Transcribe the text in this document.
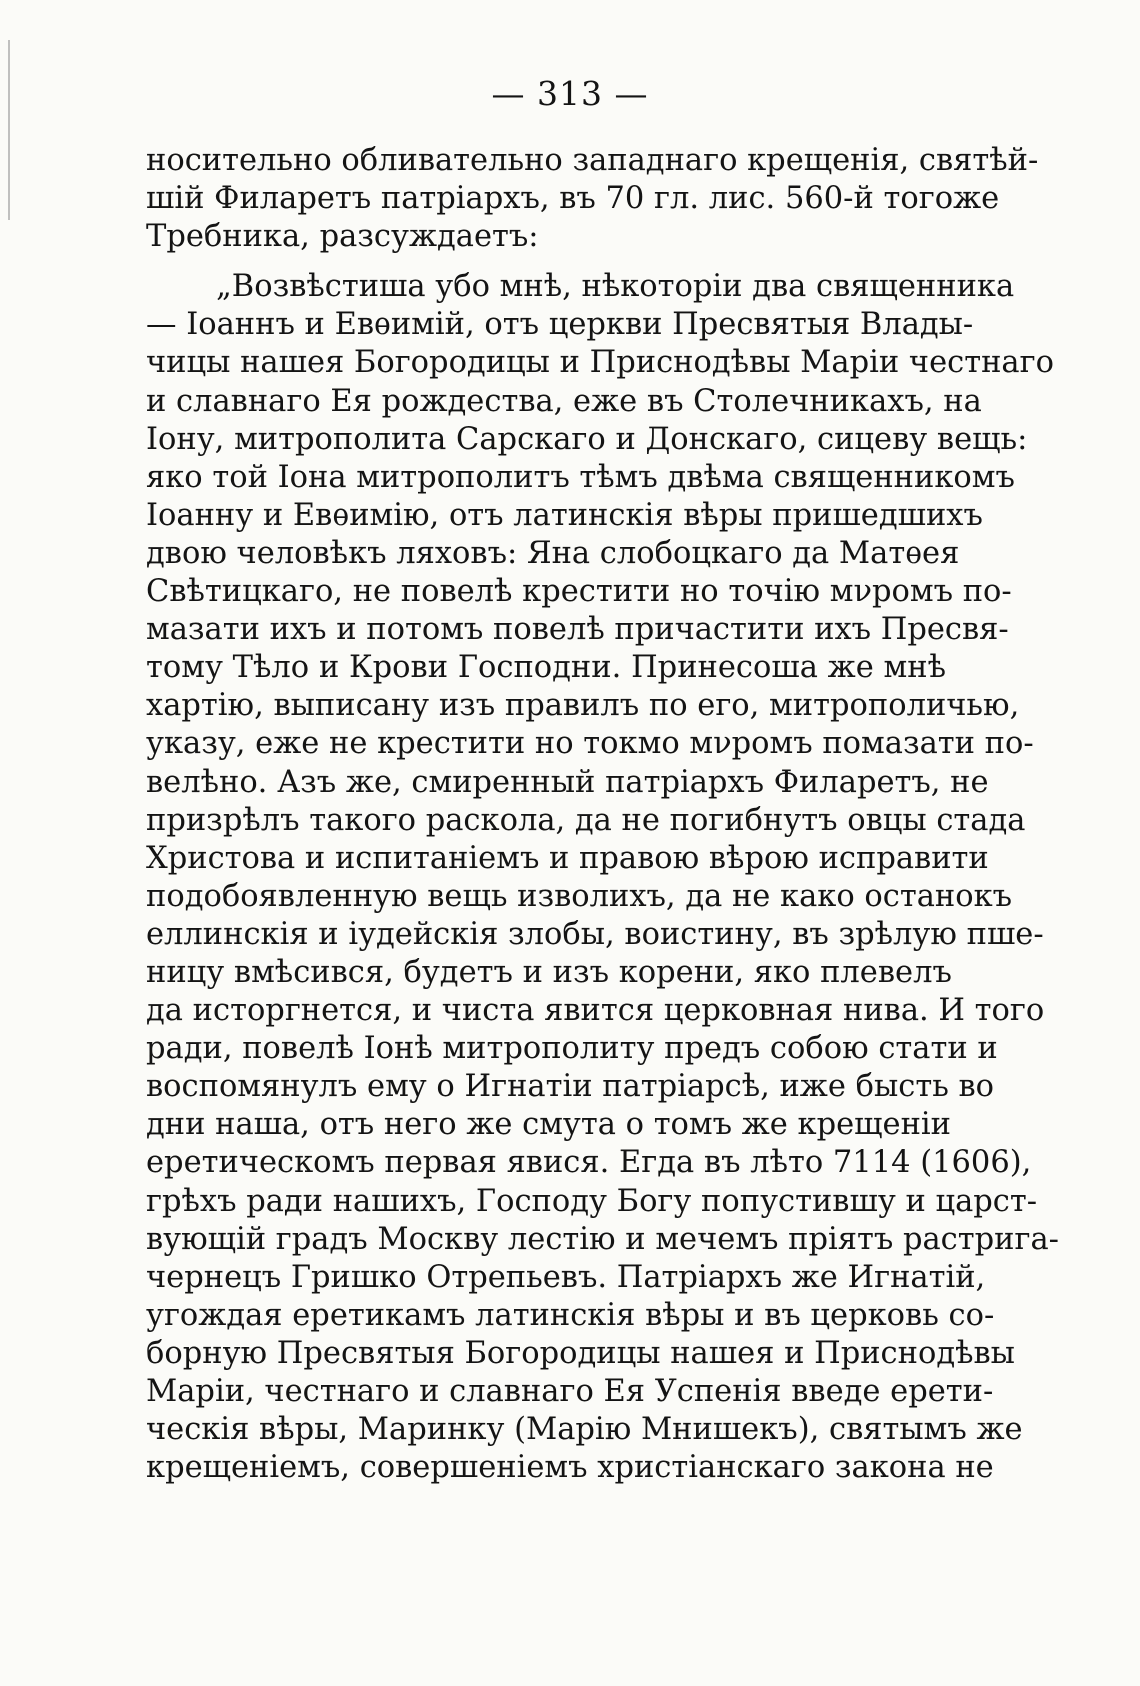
— 313 —
носительно обливательно западнаго крещенія, святѣй-
шій Филаретъ патріархъ, въ 70 гл. лис. 560-й тогоже
Требника, разсуждаетъ:
„Возвѣстиша убо мнѣ, нѣкоторіи два священника
— Іоаннъ и Евѳимій, отъ церкви Пресвятыя Влады-
чицы нашея Богородицы и Приснодѣвы Маріи честнаго
и славнаго Ея рождества, еже въ Столечникахъ, на
Іону, митрополита Сарскаго и Донскаго, сицеву вещь:
яко той Іона митрополитъ тѣмъ двѣма священникомъ
Іоанну и Евѳимію, отъ латинскія вѣры пришедшихъ
двою человѣкъ ляховъ: Яна слобоцкаго да Матѳея
Свѣтицкаго, не повелѣ крестити но точію мνромъ по-
мазати ихъ и потомъ повелѣ причастити ихъ Пресвя-
тому Тѣло и Крови Господни. Принесоша же мнѣ
хартію, выписану изъ правилъ по его, митрополичью,
указу, еже не крестити но токмо мνромъ помазати по-
велѣно. Азъ же, смиренный патріархъ Филаретъ, не
призрѣлъ такого раскола, да не погибнутъ овцы стада
Христова и испитаніемъ и правою вѣрою исправити
подобоявленную вещь изволихъ, да не како останокъ
еллинскія и іудейскія злобы, воистину, въ зрѣлую пше-
ницу вмѣсився, будетъ и изъ корени, яко плевелъ
да исторгнется, и чиста явится церковная нива. И того
ради, повелѣ Іонѣ митрополиту предъ собою стати и
воспомянулъ ему о Игнатіи патріарсѣ, иже бысть во
дни наша, отъ него же смута о томъ же крещеніи
еретическомъ первая явися. Егда въ лѣто 7114 (1606),
грѣхъ ради нашихъ, Господу Богу попустившу и царст-
вующій градъ Москву лестію и мечемъ пріятъ растрига-
чернецъ Гришко Отрепьевъ. Патріархъ же Игнатій,
угождая еретикамъ латинскія вѣры и въ церковь со-
борную Пресвятыя Богородицы нашея и Приснодѣвы
Маріи, честнаго и славнаго Ея Успенія введе ерети-
ческія вѣры, Маринку (Марію Мнишекъ), святымъ же
крещеніемъ, совершеніемъ христіанскаго закона не
